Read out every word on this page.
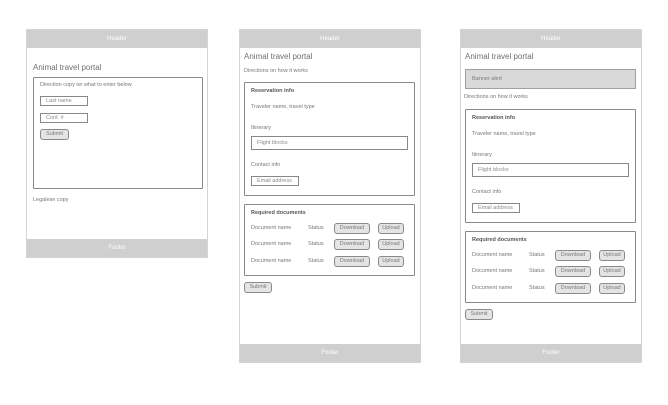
Header
Animal travel portal
Direction copy on what to enter below
Last name
Conf. #
Submit
Legalese copy
Footer
Header
Animal travel portal
Directions on how it works
Reservation info
Traveler name, travel type
Itinerary
Flight blocks
Contact info
Email address
Required documents
Document name	Status	Download	Upload
Document name	Status	Download	Upload
Document name	Status	Download	Upload
Submit
Footer
Header
Animal travel portal
Banner alert
Directions on how it works
Reservation info
Traveler name, travel type
Itinerary
Flight blocks
Contact info
Email address
Required documents
Document name	Status	Download	Upload
Document name	Status	Download	Upload
Document name	Status	Download	Upload
Submit
Footer
